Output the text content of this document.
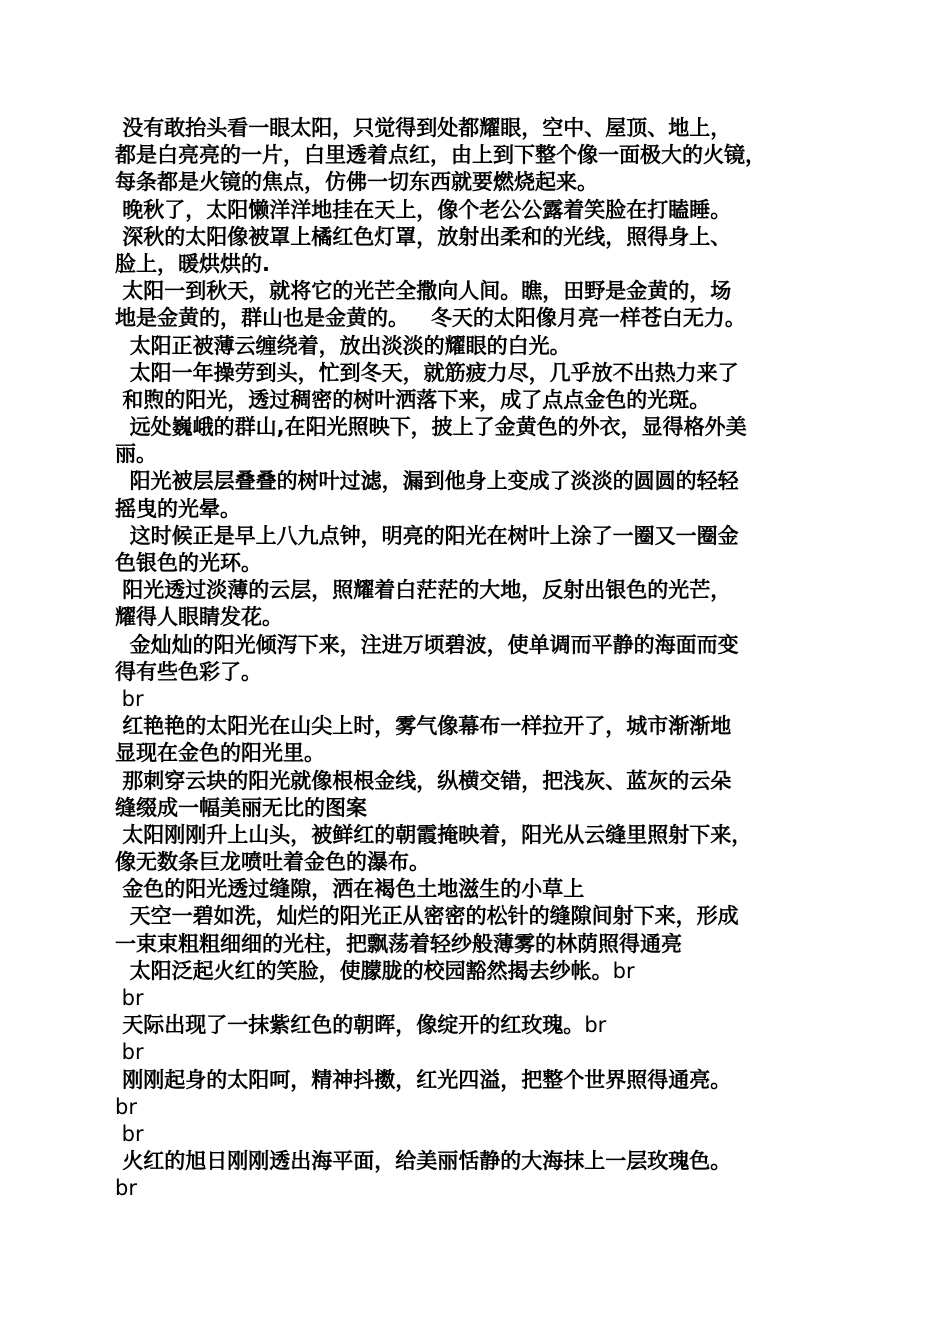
没有敢抬头看一眼太阳，只觉得到处都耀眼，空中、屋顶、地上，
都是白亮亮的一片，白里透着点红，由上到下整个像一面极大的火镜，
每条都是火镜的焦点，仿佛一切东西就要燃烧起来。
晚秋了，太阳懒洋洋地挂在天上，像个老公公露着笑脸在打瞌睡。
深秋的太阳像被罩上橘红色灯罩，放射出柔和的光线，照得身上、
脸上，暖烘烘的.
太阳一到秋天，就将它的光芒全撒向人间。瞧，田野是金黄的，场
地是金黄的，群山也是金黄的。   冬天的太阳像月亮一样苍白无力。
太阳正被薄云缠绕着，放出淡淡的耀眼的白光。
太阳一年操劳到头，忙到冬天，就筋疲力尽，几乎放不出热力来了
和煦的阳光，透过稠密的树叶洒落下来，成了点点金色的光斑。
远处巍峨的群山,在阳光照映下，披上了金黄色的外衣，显得格外美
丽。
阳光被层层叠叠的树叶过滤，漏到他身上变成了淡淡的圆圆的轻轻
摇曳的光晕。
这时候正是早上八九点钟，明亮的阳光在树叶上涂了一圈又一圈金
色银色的光环。
阳光透过淡薄的云层，照耀着白茫茫的大地，反射出银色的光芒，
耀得人眼睛发花。
金灿灿的阳光倾泻下来，注进万顷碧波，使单调而平静的海面而变
得有些色彩了。
br
红艳艳的太阳光在山尖上时，雾气像幕布一样拉开了，城市渐渐地
显现在金色的阳光里。
那刺穿云块的阳光就像根根金线，纵横交错，把浅灰、蓝灰的云朵
缝缀成一幅美丽无比的图案
太阳刚刚升上山头，被鲜红的朝霞掩映着，阳光从云缝里照射下来，
像无数条巨龙喷吐着金色的瀑布。
金色的阳光透过缝隙，洒在褐色土地滋生的小草上
天空一碧如洗，灿烂的阳光正从密密的松针的缝隙间射下来，形成
一束束粗粗细细的光柱，把飘荡着轻纱般薄雾的林荫照得通亮
太阳泛起火红的笑脸，使朦胧的校园豁然揭去纱帐。br
br
天际出现了一抹紫红色的朝晖，像绽开的红玫瑰。br
br
刚刚起身的太阳呵，精神抖擞，红光四溢，把整个世界照得通亮。
br
br
火红的旭日刚刚透出海平面，给美丽恬静的大海抹上一层玫瑰色。
br
